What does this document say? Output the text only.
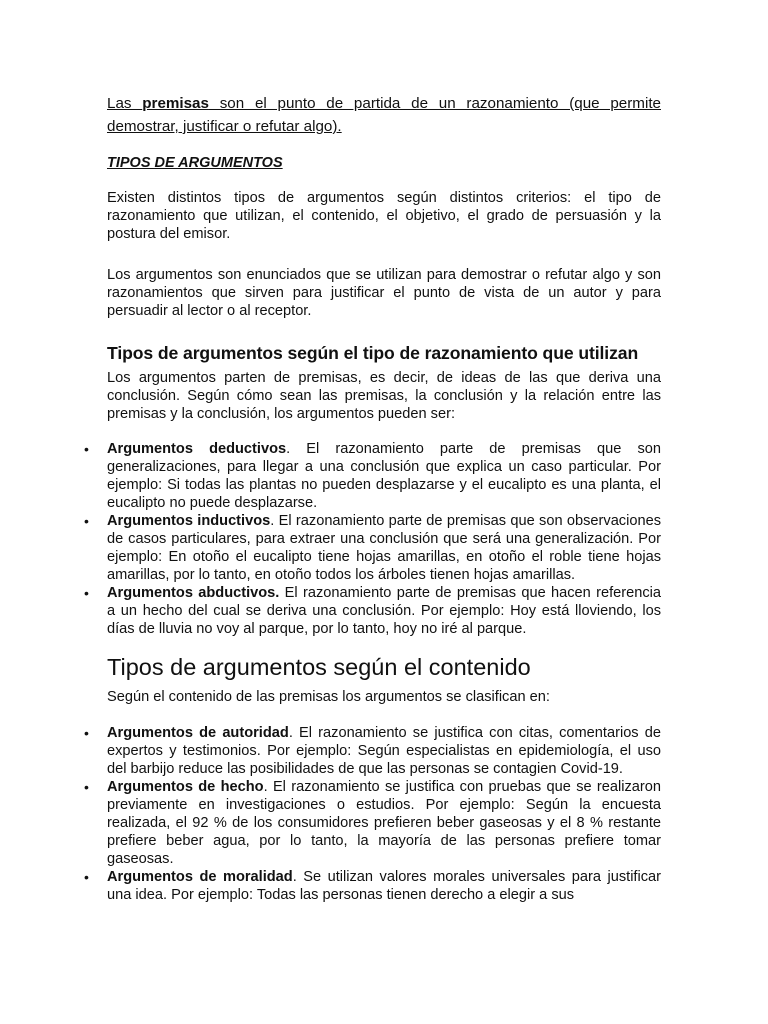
Las premisas son el punto de partida de un razonamiento (que permite demostrar, justificar o refutar algo).

TIPOS DE ARGUMENTOS

Existen distintos tipos de argumentos según distintos criterios: el tipo de razonamiento que utilizan, el contenido, el objetivo, el grado de persuasión y la postura del emisor.

Los argumentos son enunciados que se utilizan para demostrar o refutar algo y son razonamientos que sirven para justificar el punto de vista de un autor y para persuadir al lector o al receptor.

Tipos de argumentos según el tipo de razonamiento que utilizan

Los argumentos parten de premisas, es decir, de ideas de las que deriva una conclusión. Según cómo sean las premisas, la conclusión y la relación entre las premisas y la conclusión, los argumentos pueden ser:

• Argumentos deductivos. El razonamiento parte de premisas que son generalizaciones, para llegar a una conclusión que explica un caso particular. Por ejemplo: Si todas las plantas no pueden desplazarse y el eucalipto es una planta, el eucalipto no puede desplazarse.
• Argumentos inductivos. El razonamiento parte de premisas que son observaciones de casos particulares, para extraer una conclusión que será una generalización. Por ejemplo: En otoño el eucalipto tiene hojas amarillas, en otoño el roble tiene hojas amarillas, por lo tanto, en otoño todos los árboles tienen hojas amarillas.
• Argumentos abductivos. El razonamiento parte de premisas que hacen referencia a un hecho del cual se deriva una conclusión. Por ejemplo: Hoy está lloviendo, los días de lluvia no voy al parque, por lo tanto, hoy no iré al parque.

Tipos de argumentos según el contenido

Según el contenido de las premisas los argumentos se clasifican en:

• Argumentos de autoridad. El razonamiento se justifica con citas, comentarios de expertos y testimonios. Por ejemplo: Según especialistas en epidemiología, el uso del barbijo reduce las posibilidades de que las personas se contagien Covid-19.
• Argumentos de hecho. El razonamiento se justifica con pruebas que se realizaron previamente en investigaciones o estudios. Por ejemplo: Según la encuesta realizada, el 92 % de los consumidores prefieren beber gaseosas y el 8 % restante prefiere beber agua, por lo tanto, la mayoría de las personas prefiere tomar gaseosas.
• Argumentos de moralidad. Se utilizan valores morales universales para justificar una idea. Por ejemplo: Todas las personas tienen derecho a elegir a sus
